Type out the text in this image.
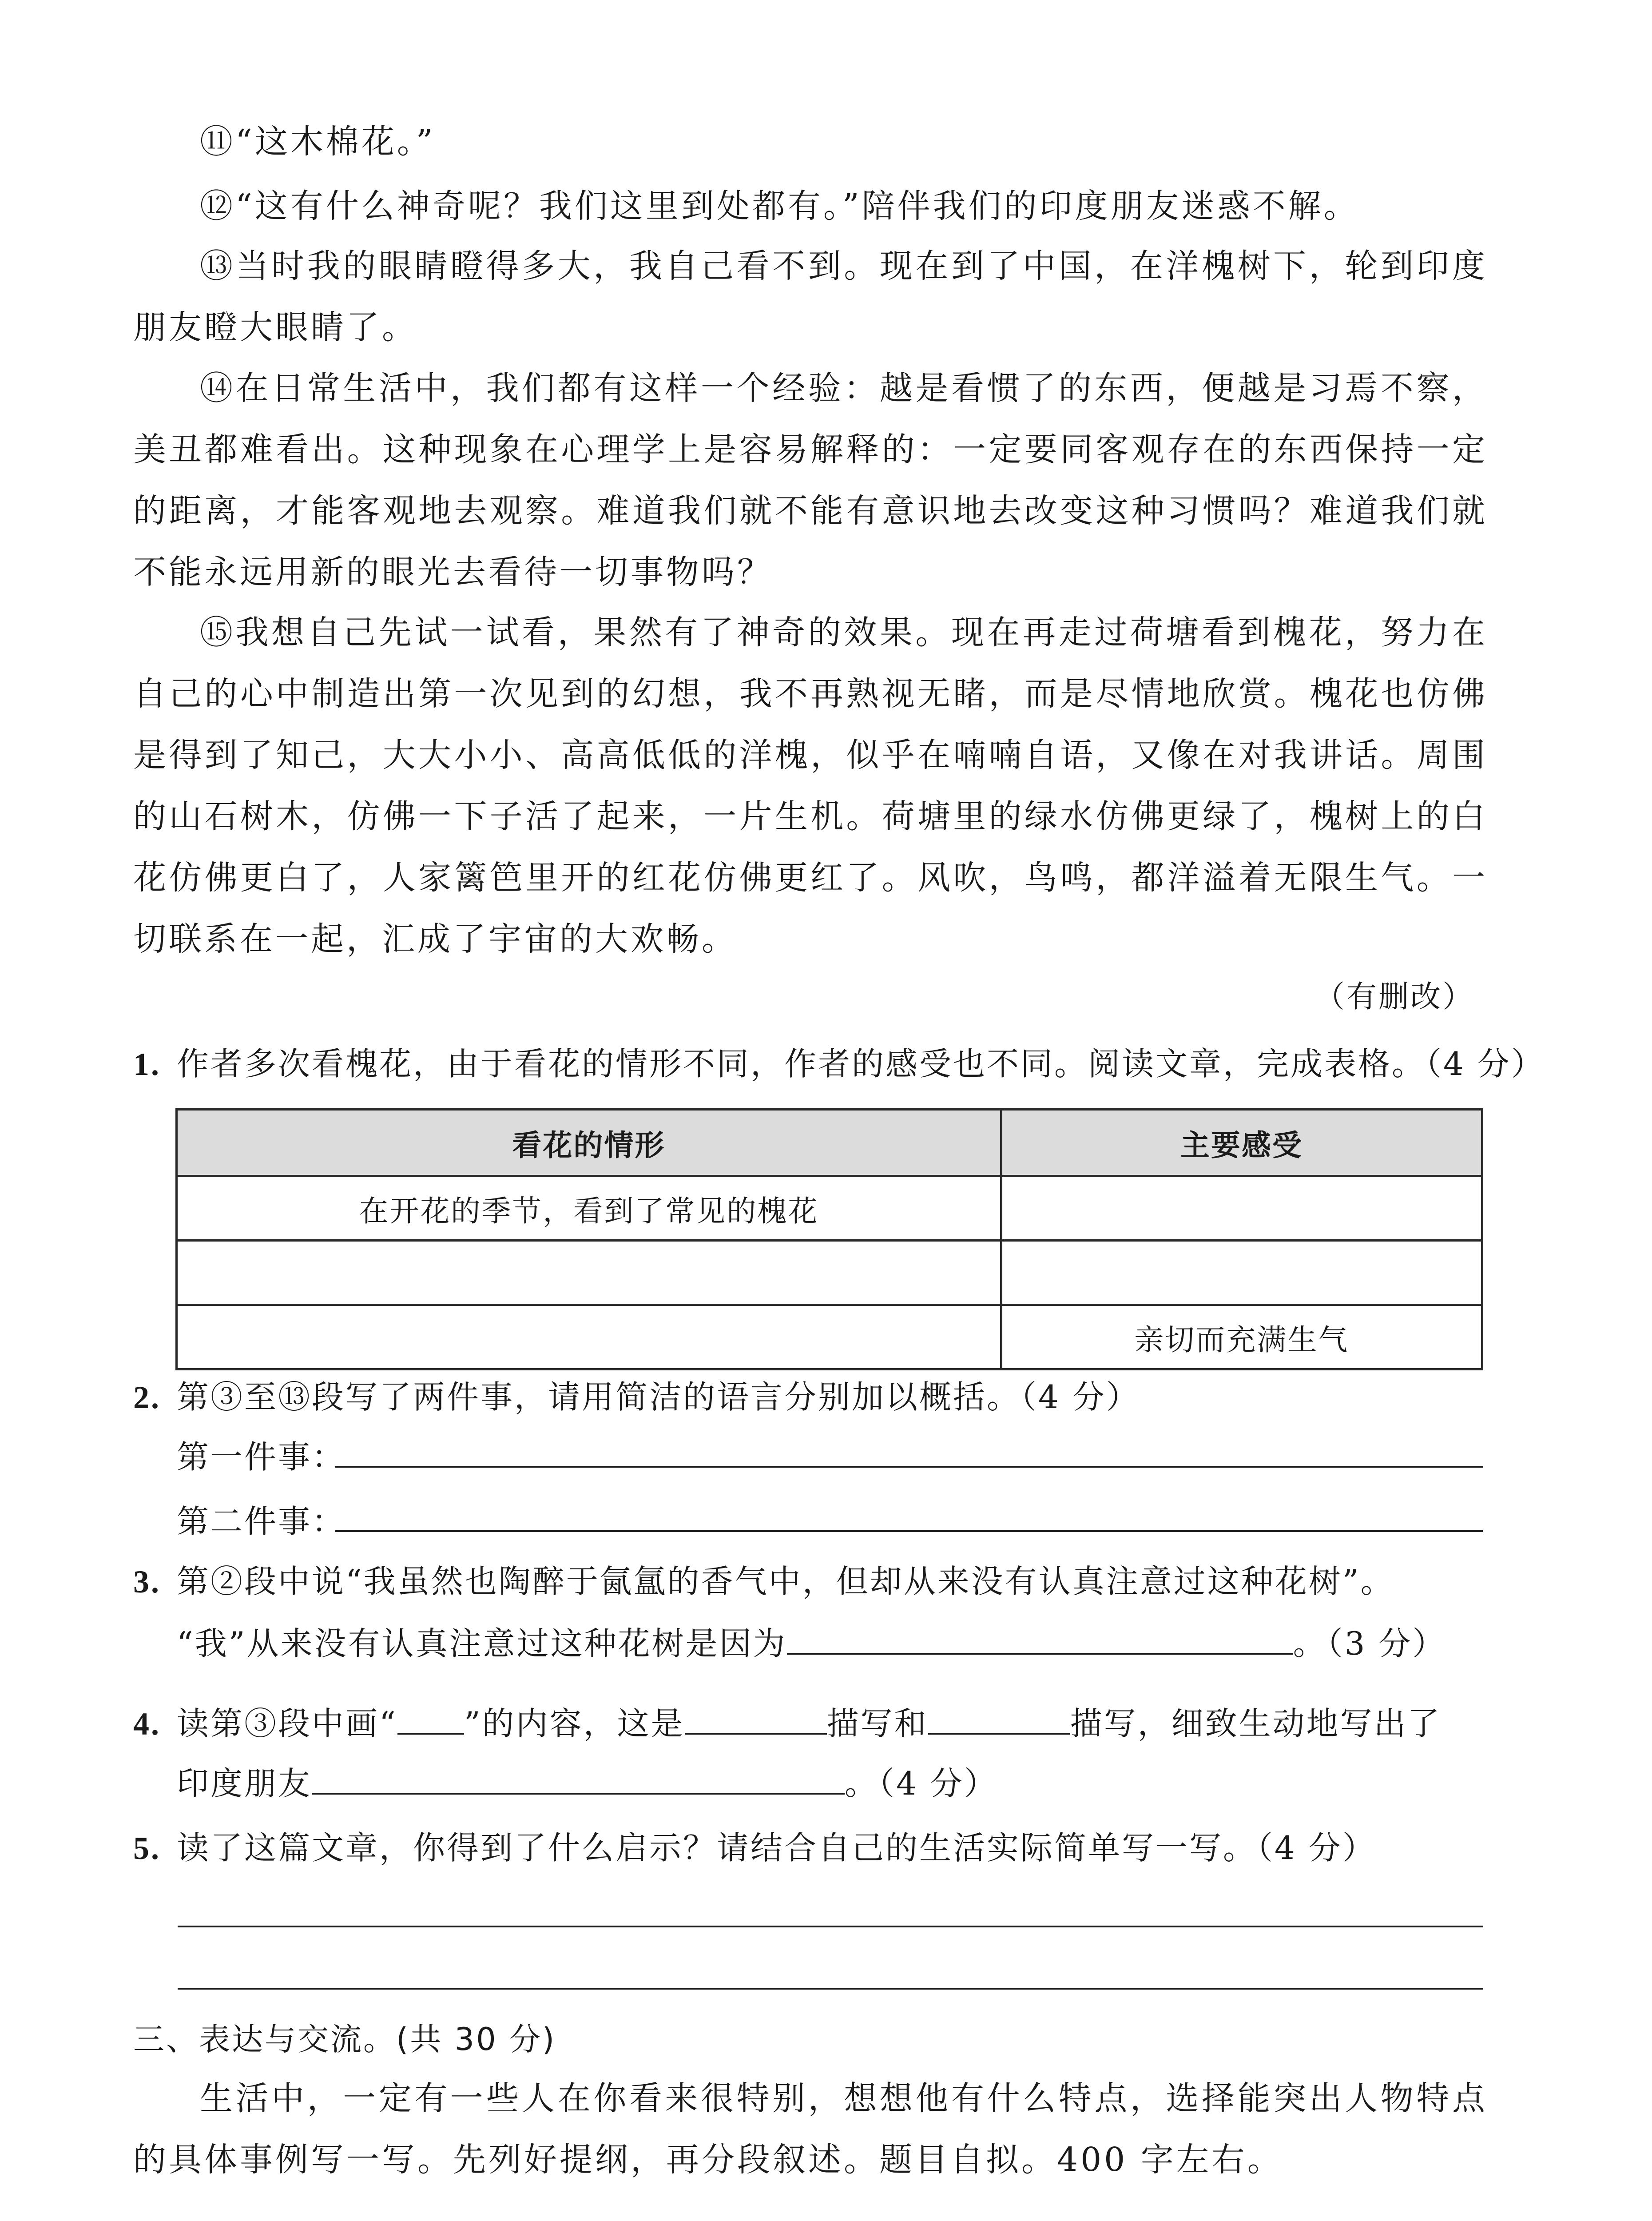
⑪“这木棉花。”

⑫“这有什么神奇呢？我们这里到处都有。”陪伴我们的印度朋友迷惑不解。

⑬当时我的眼睛瞪得多大，我自己看不到。现在到了中国，在洋槐树下，轮到印度朋友瞪大眼睛了。

⑭在日常生活中，我们都有这样一个经验：越是看惯了的东西，便越是习焉不察，美丑都难看出。这种现象在心理学上是容易解释的：一定要同客观存在的东西保持一定的距离，才能客观地去观察。难道我们就不能有意识地去改变这种习惯吗？难道我们就不能永远用新的眼光去看待一切事物吗？

⑮我想自己先试一试看，果然有了神奇的效果。现在再走过荷塘看到槐花，努力在自己的心中制造出第一次见到的幻想，我不再熟视无睹，而是尽情地欣赏。槐花也仿佛是得到了知己，大大小小、高高低低的洋槐，似乎在喃喃自语，又像在对我讲话。周围的山石树木，仿佛一下子活了起来，一片生机。荷塘里的绿水仿佛更绿了，槐树上的白花仿佛更白了，人家篱笆里开的红花仿佛更红了。风吹，鸟鸣，都洋溢着无限生气。一切联系在一起，汇成了宇宙的大欢畅。

（有删改）
1. 作者多次看槐花，由于看花的情形不同，作者的感受也不同。阅读文章，完成表格。（4 分）
看花的情形	主要感受
在开花的季节，看到了常见的槐花	

	亲切而充满生气
2. 第③至⑬段写了两件事，请用简洁的语言分别加以概括。（4 分）
第一件事：
第二件事：
3. 第②段中说“我虽然也陶醉于氤氲的香气中，但却从来没有认真注意过这种花树”。
“我”从来没有认真注意过这种花树是因为	。（3 分）
4. 读第③段中画“ ”的内容，这是	描写和	描写，细致生动地写出了
印度朋友	。（4 分）
5. 读了这篇文章，你得到了什么启示？请结合自己的生活实际简单写一写。（4 分）
三、表达与交流。(共 30 分)

生活中，一定有一些人在你看来很特别，想想他有什么特点，选择能突出人物特点的具体事例写一写。先列好提纲，再分段叙述。题目自拟。400 字左右。
